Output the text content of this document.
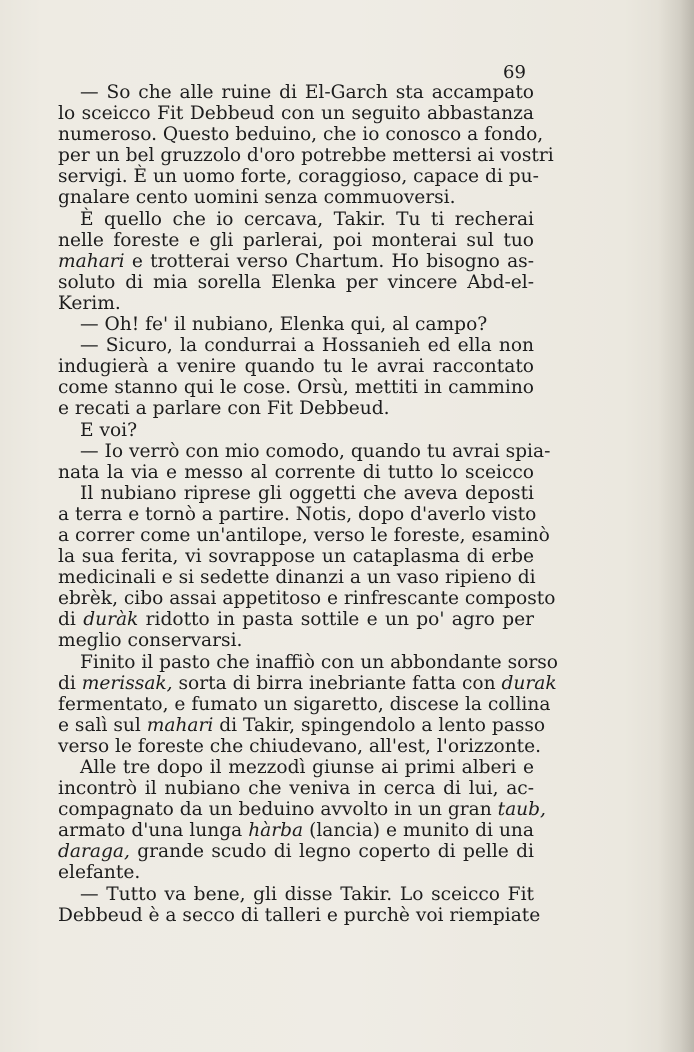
69

— So che alle ruine di El-Garch sta accampato

lo sceicco Fit Debbeud con un seguito abbastanza

numeroso. Questo beduino, che io conosco a fondo,

per un bel gruzzolo d'oro potrebbe mettersi ai vostri

servigi. È un uomo forte, coraggioso, capace di pu-

gnalare cento uomini senza commuoversi.

È quello che io cercava, Takir. Tu ti recherai

nelle foreste e gli parlerai, poi monterai sul tuo

mahari e trotterai verso Chartum. Ho bisogno as-

soluto di mia sorella Elenka per vincere Abd-el-

Kerim.

— Oh! fe' il nubiano, Elenka qui, al campo?

— Sicuro, la condurrai a Hossanieh ed ella non

indugierà a venire quando tu le avrai raccontato

come stanno qui le cose. Orsù, mettiti in cammino

e recati a parlare con Fit Debbeud.

E voi?

— Io verrò con mio comodo, quando tu avrai spia-

nata la via e messo al corrente di tutto lo sceicco

Il nubiano riprese gli oggetti che aveva deposti

a terra e tornò a partire. Notis, dopo d'averlo visto

a correr come un'antilope, verso le foreste, esaminò

la sua ferita, vi sovrappose un cataplasma di erbe

medicinali e si sedette dinanzi a un vaso ripieno di

ebrèk, cibo assai appetitoso e rinfrescante composto

di duràk ridotto in pasta sottile e un po' agro per

meglio conservarsi.

Finito il pasto che inaffiò con un abbondante sorso

di merissak, sorta di birra inebriante fatta con durak

fermentato, e fumato un sigaretto, discese la collina

e salì sul mahari di Takir, spingendolo a lento passo

verso le foreste che chiudevano, all'est, l'orizzonte.

Alle tre dopo il mezzodì giunse ai primi alberi e

incontrò il nubiano che veniva in cerca di lui, ac-

compagnato da un beduino avvolto in un gran taub,

armato d'una lunga hàrba (lancia) e munito di una

daraga, grande scudo di legno coperto di pelle di

elefante.

— Tutto va bene, gli disse Takir. Lo sceicco Fit

Debbeud è a secco di talleri e purchè voi riempiate
